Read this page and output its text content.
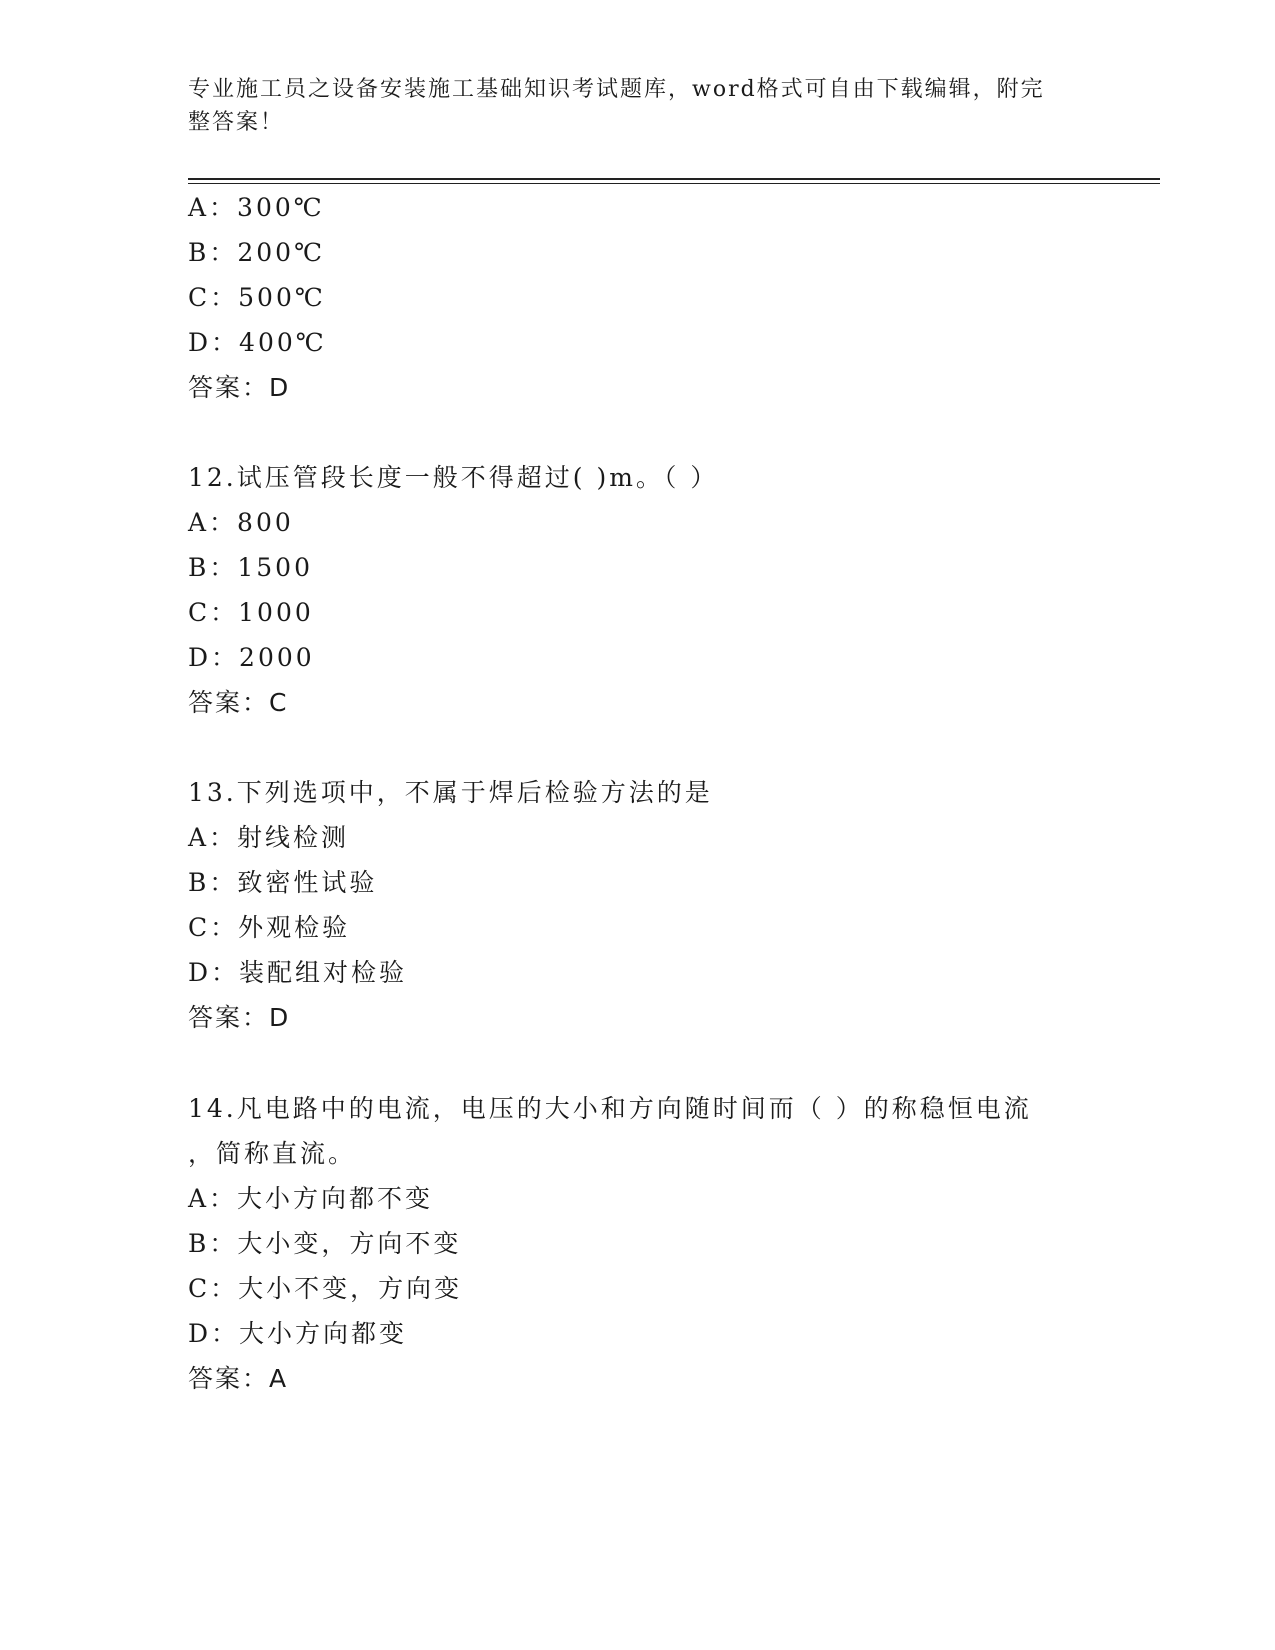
专业施工员之设备安装施工基础知识考试题库，word格式可自由下载编辑，附完
整答案！
A：300℃
B：200℃
C：500℃
D：400℃
答案：D
12.试压管段长度一般不得超过( )m。（ ）
A：800
B：1500
C：1000
D：2000
答案：C
13.下列选项中，不属于焊后检验方法的是
A：射线检测
B：致密性试验
C：外观检验
D：装配组对检验
答案：D
14.凡电路中的电流，电压的大小和方向随时间而（ ）的称稳恒电流
，简称直流。
A：大小方向都不变
B：大小变，方向不变
C：大小不变，方向变
D：大小方向都变
答案：A
